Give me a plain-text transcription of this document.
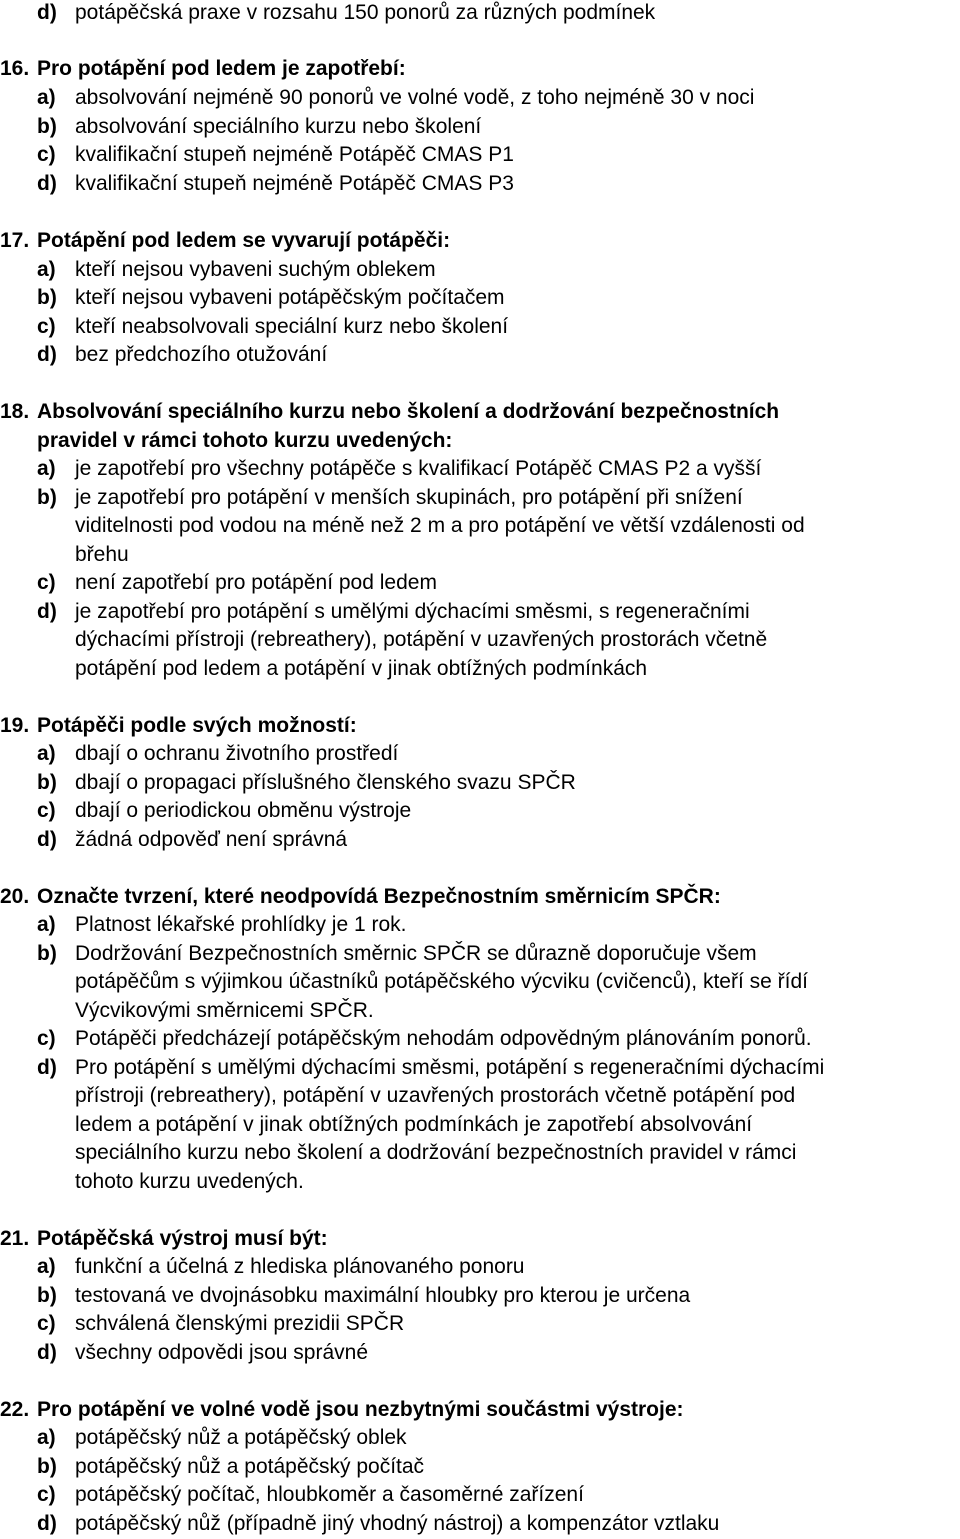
d) potápěčská praxe v rozsahu 150 ponorů za různých podmínek
16. Pro potápění pod ledem je zapotřebí:
a) absolvování nejméně 90 ponorů ve volné vodě, z toho nejméně 30 v noci
b) absolvování speciálního kurzu nebo školení
c) kvalifikační stupeň nejméně Potápěč CMAS P1
d) kvalifikační stupeň nejméně Potápěč CMAS P3
17. Potápění pod ledem se vyvarují potápěči:
a) kteří nejsou vybaveni suchým oblekem
b) kteří nejsou vybaveni potápěčským počítačem
c) kteří neabsolvovali speciální kurz nebo školení
d) bez předchozího otužování
18. Absolvování speciálního kurzu nebo školení a dodržování bezpečnostních
pravidel v rámci tohoto kurzu uvedených:
a) je zapotřebí pro všechny potápěče s kvalifikací Potápěč CMAS P2 a vyšší
b) je zapotřebí pro potápění v menších skupinách, pro potápění při snížení
viditelnosti pod vodou na méně než 2 m a pro potápění ve větší vzdálenosti od
břehu
c) není zapotřebí pro potápění pod ledem
d) je zapotřebí pro potápění s umělými dýchacími směsmi, s regeneračními
dýchacími přístroji (rebreathery), potápění v uzavřených prostorách včetně
potápění pod ledem a potápění v jinak obtížných podmínkách
19. Potápěči podle svých možností:
a) dbají o ochranu životního prostředí
b) dbají o propagaci příslušného členského svazu SPČR
c) dbají o periodickou obměnu výstroje
d) žádná odpověď není správná
20. Označte tvrzení, které neodpovídá Bezpečnostním směrnicím SPČR:
a) Platnost lékařské prohlídky je 1 rok.
b) Dodržování Bezpečnostních směrnic SPČR se důrazně doporučuje všem
potápěčům s výjimkou účastníků potápěčského výcviku (cvičenců), kteří se řídí
Výcvikovými směrnicemi SPČR.
c) Potápěči předcházejí potápěčským nehodám odpovědným plánováním ponorů.
d) Pro potápění s umělými dýchacími směsmi, potápění s regeneračními dýchacími
přístroji (rebreathery), potápění v uzavřených prostorách včetně potápění pod
ledem a potápění v jinak obtížných podmínkách je zapotřebí absolvování
speciálního kurzu nebo školení a dodržování bezpečnostních pravidel v rámci
tohoto kurzu uvedených.
21. Potápěčská výstroj musí být:
a) funkční a účelná z hlediska plánovaného ponoru
b) testovaná ve dvojnásobku maximální hloubky pro kterou je určena
c) schválená členskými prezidii SPČR
d) všechny odpovědi jsou správné
22. Pro potápění ve volné vodě jsou nezbytnými součástmi výstroje:
a) potápěčský nůž a potápěčský oblek
b) potápěčský nůž a potápěčský počítač
c) potápěčský počítač, hloubkoměr a časoměrné zařízení
d) potápěčský nůž (případně jiný vhodný nástroj) a kompenzátor vztlaku
